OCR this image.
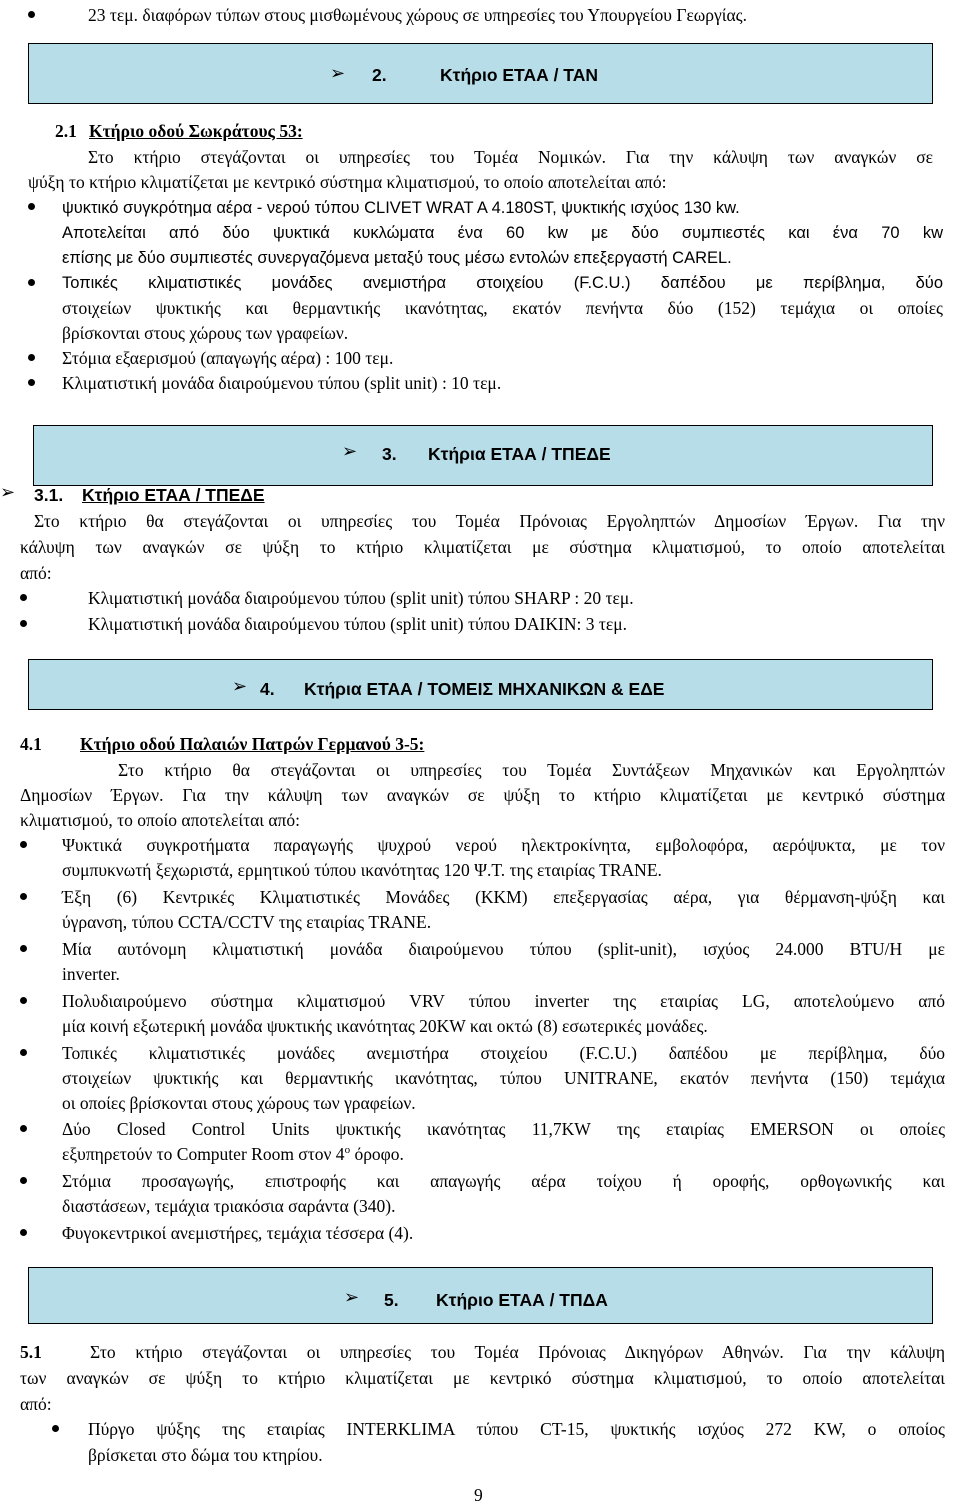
23 τεμ. διαφόρων τύπων στους μισθωμένους χώρους σε υπηρεσίες του Υπουργείου Γεωργίας.
➢ 2.	Κτήριο ΕΤΑΑ / ΤΑΝ
2.1 Κτήριο οδού Σωκράτους 53:
Στο κτήριο στεγάζονται οι υπηρεσίες του Τομέα Νομικών. Για την κάλυψη των αναγκών σε
ψύξη το κτήριο κλιματίζεται με κεντρικό σύστημα κλιματισμού, το οποίο αποτελείται από:
ψυκτικό συγκρότημα αέρα - νερού τύπου CLIVET WRAT A 4.180ST, ψυκτικής ισχύος 130 kw.
Αποτελείται από δύο ψυκτικά κυκλώματα ένα 60 kw με δύο συμπιεστές και ένα 70 kw
επίσης με δύο συμπιεστές συνεργαζόμενα μεταξύ τους μέσω εντολών επεξεργαστή CAREL.
Τοπικές κλιματιστικές μονάδες ανεμιστήρα στοιχείου (F.C.U.) δαπέδου με περίβλημα, δύο
στοιχείων ψυκτικής και θερμαντικής ικανότητας, εκατόν πενήντα δύο (152) τεμάχια οι οποίες
βρίσκονται στους χώρους των γραφείων.
Στόμια εξαερισμού (απαγωγής αέρα) : 100 τεμ.
Κλιματιστική μονάδα διαιρούμενου τύπου (split unit) : 10 τεμ.
➢ 3. Κτήρια ΕΤΑΑ / ΤΠΕΔΕ
➢ 3.1. Κτήριο ΕΤΑΑ / ΤΠΕΔΕ
Στο κτήριο θα στεγάζονται οι υπηρεσίες του Τομέα Πρόνοιας Εργοληπτών Δημοσίων Έργων. Για την
κάλυψη των αναγκών σε ψύξη το κτήριο κλιματίζεται με σύστημα κλιματισμού, το οποίο αποτελείται
από:
Κλιματιστική μονάδα διαιρούμενου τύπου (split unit) τύπου SHARP : 20 τεμ.
Κλιματιστική μονάδα διαιρούμενου τύπου (split unit) τύπου DAIKIN: 3 τεμ.
➢ 4. Κτήρια ΕΤΑΑ / ΤΟΜΕΙΣ ΜΗΧΑΝΙΚΩΝ & ΕΔΕ
4.1 Κτήριο οδού Παλαιών Πατρών Γερμανού 3-5:
Στο κτήριο θα στεγάζονται οι υπηρεσίες του Τομέα Συντάξεων Μηχανικών και Εργοληπτών
Δημοσίων Έργων. Για την κάλυψη των αναγκών σε ψύξη το κτήριο κλιματίζεται με κεντρικό σύστημα
κλιματισμού, το οποίο αποτελείται από:
Ψυκτικά συγκροτήματα παραγωγής ψυχρού νερού ηλεκτροκίνητα, εμβολοφόρα, αερόψυκτα, με τον
συμπυκνωτή ξεχωριστά, ερμητικού τύπου ικανότητας 120 Ψ.Τ. της εταιρίας TRANE.
Έξη (6) Κεντρικές Κλιματιστικές Μονάδες (ΚΚΜ) επεξεργασίας αέρα, για θέρμανση-ψύξη και
ύγρανση, τύπου CCTA/CCTV της εταιρίας TRANE.
Μία αυτόνομη κλιματιστική μονάδα διαιρούμενου τύπου (split-unit), ισχύος 24.000 BTU/H με
inverter.
Πολυδιαιρούμενο σύστημα κλιματισμού VRV τύπου inverter της εταιρίας LG, αποτελούμενο από
μία κοινή εξωτερική μονάδα ψυκτικής ικανότητας 20KW και οκτώ (8) εσωτερικές μονάδες.
Τοπικές κλιματιστικές μονάδες ανεμιστήρα στοιχείου (F.C.U.) δαπέδου με περίβλημα, δύο
στοιχείων ψυκτικής και θερμαντικής ικανότητας, τύπου UNITRANE, εκατόν πενήντα (150) τεμάχια
οι οποίες βρίσκονται στους χώρους των γραφείων.
Δύο Closed Control Units ψυκτικής ικανότητας 11,7KW της εταιρίας EMERSON οι οποίες
εξυπηρετούν το Computer Room στον $4^o$ όροφο.
Στόμια προσαγωγής, επιστροφής και απαγωγής αέρα τοίχου ή οροφής, ορθογωνικής και
διαστάσεων, τεμάχια τριακόσια σαράντα (340).
Φυγοκεντρικοί ανεμιστήρες, τεμάχια τέσσερα (4).
➢ 5. Κτήριο ΕΤΑΑ / ΤΠΔΑ
5.1	Στο κτήριο στεγάζονται οι υπηρεσίες του Τομέα Πρόνοιας Δικηγόρων Αθηνών. Για την κάλυψη
των αναγκών σε ψύξη το κτήριο κλιματίζεται με κεντρικό σύστημα κλιματισμού, το οποίο αποτελείται
από:
Πύργο ψύξης της εταιρίας INTERKLIMA τύπου CT-15, ψυκτικής ισχύος 272 KW, ο οποίος
βρίσκεται στο δώμα του κτηρίου.
9
